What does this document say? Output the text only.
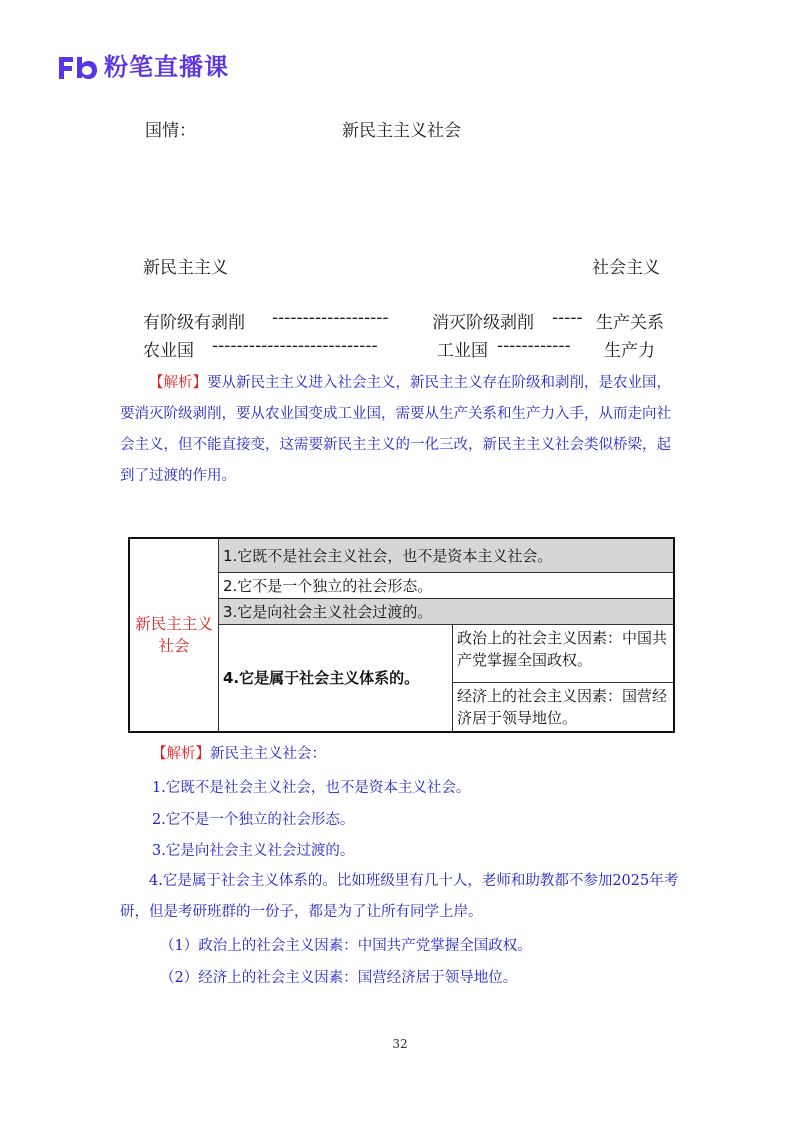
粉笔直播课
国情：	新民主主义社会
新民主主义	社会主义
有阶级有剥削 -------------------	消灭阶级剥削 ----- 生产关系
农业国 ---------------------------	工业国 ------------ 生产力

【解析】要从新民主主义进入社会主义，新民主主义存在阶级和剥削，是农业国，要消灭阶级剥削，要从农业国变成工业国，需要从生产关系和生产力入手，从而走向社会主义，但不能直接变，这需要新民主主义的一化三改，新民主主义社会类似桥梁，起到了过渡的作用。

新民主主义社会	1.它既不是社会主义社会，也不是资本主义社会。	
	2.它不是一个独立的社会形态。	
	3.它是向社会主义社会过渡的。	
	4.它是属于社会主义体系的。	政治上的社会主义因素：中国共产党掌握全国政权。
经济上的社会主义因素：国营经济居于领导地位。
【解析】新民主主义社会：
1.它既不是社会主义社会，也不是资本主义社会。
2.它不是一个独立的社会形态。
3.它是向社会主义社会过渡的。

4.它是属于社会主义体系的。比如班级里有几十人，老师和助教都不参加2025年考研，但是考研班群的一份子，都是为了让所有同学上岸。

（1）政治上的社会主义因素：中国共产党掌握全国政权。
（2）经济上的社会主义因素：国营经济居于领导地位。
32
